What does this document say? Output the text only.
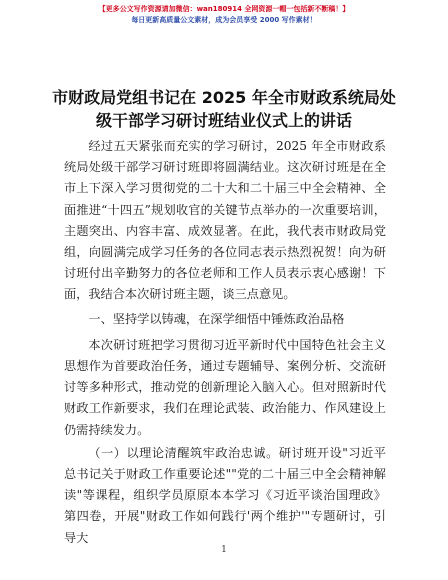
【更多公文写作资源请加微信：wan180914 全网资源一帽一包括新不断稿！】
每日更新高质量公文素材，成为会员享受 2000 写作素材！
市财政局党组书记在 2025 年全市财政系统局处级干部学习研讨班结业仪式上的讲话

经过五天紧张而充实的学习研讨，2025 年全市财政系统局处级干部学习研讨班即将圆满结业。这次研讨班是在全市上下深入学习贯彻党的二十大和二十届三中全会精神、全面推进“十四五”规划收官的关键节点举办的一次重要培训，主题突出、内容丰富、成效显著。在此，我代表市财政局党组，向圆满完成学习任务的各位同志表示热烈祝贺！向为研讨班付出辛勤努力的各位老师和工作人员表示衷心感谢！下面，我结合本次研讨班主题，谈三点意见。

一、坚持学以铸魂，在深学细悟中锤炼政治品格

本次研讨班把学习贯彻习近平新时代中国特色社会主义思想作为首要政治任务，通过专题辅导、案例分析、交流研讨等多种形式，推动党的创新理论入脑入心。但对照新时代财政工作新要求，我们在理论武装、政治能力、作风建设上仍需持续发力。

（一）以理论清醒筑牢政治忠诚。研讨班开设"习近平总书记关于财政工作重要论述""党的二十届三中全会精神解读"等课程，组织学员原原本本学习《习近平谈治国理政》第四卷，开展"财政工作如何践行'两个维护'"专题研讨，引导大

1
